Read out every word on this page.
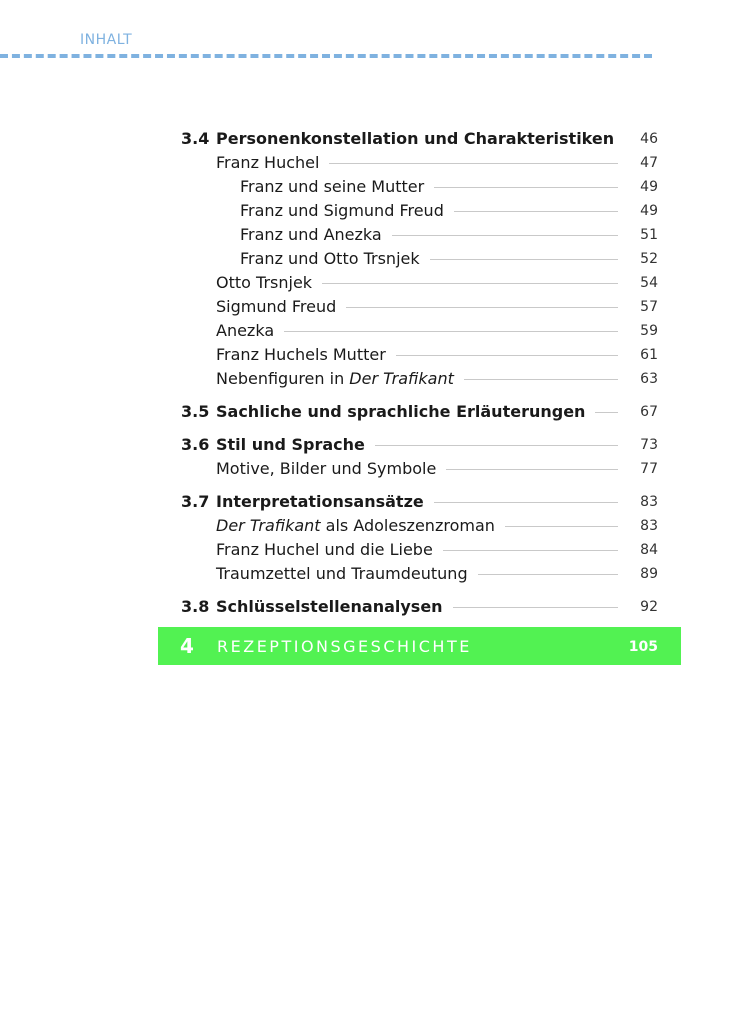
INHALT
3.4 Personenkonstellation und Charakteristiken 46
Franz Huchel	47
Franz und seine Mutter	49
Franz und Sigmund Freud	49
Franz und Anezka	51
Franz und Otto Trsnjek	52
Otto Trsnjek	54
Sigmund Freud	57
Anezka	59
Franz Huchels Mutter	61
Nebenfiguren in Der Trafikant	63
3.5 Sachliche und sprachliche Erläuterungen	67
3.6 Stil und Sprache	73
Motive, Bilder und Symbole	77
3.7 Interpretationsansätze	83
Der Trafikant als Adoleszenzroman	83
Franz Huchel und die Liebe	84
Traumzettel und Traumdeutung	89
3.8 Schlüsselstellenanalysen	92
4 REZEPTIONSGESCHICHTE	105
